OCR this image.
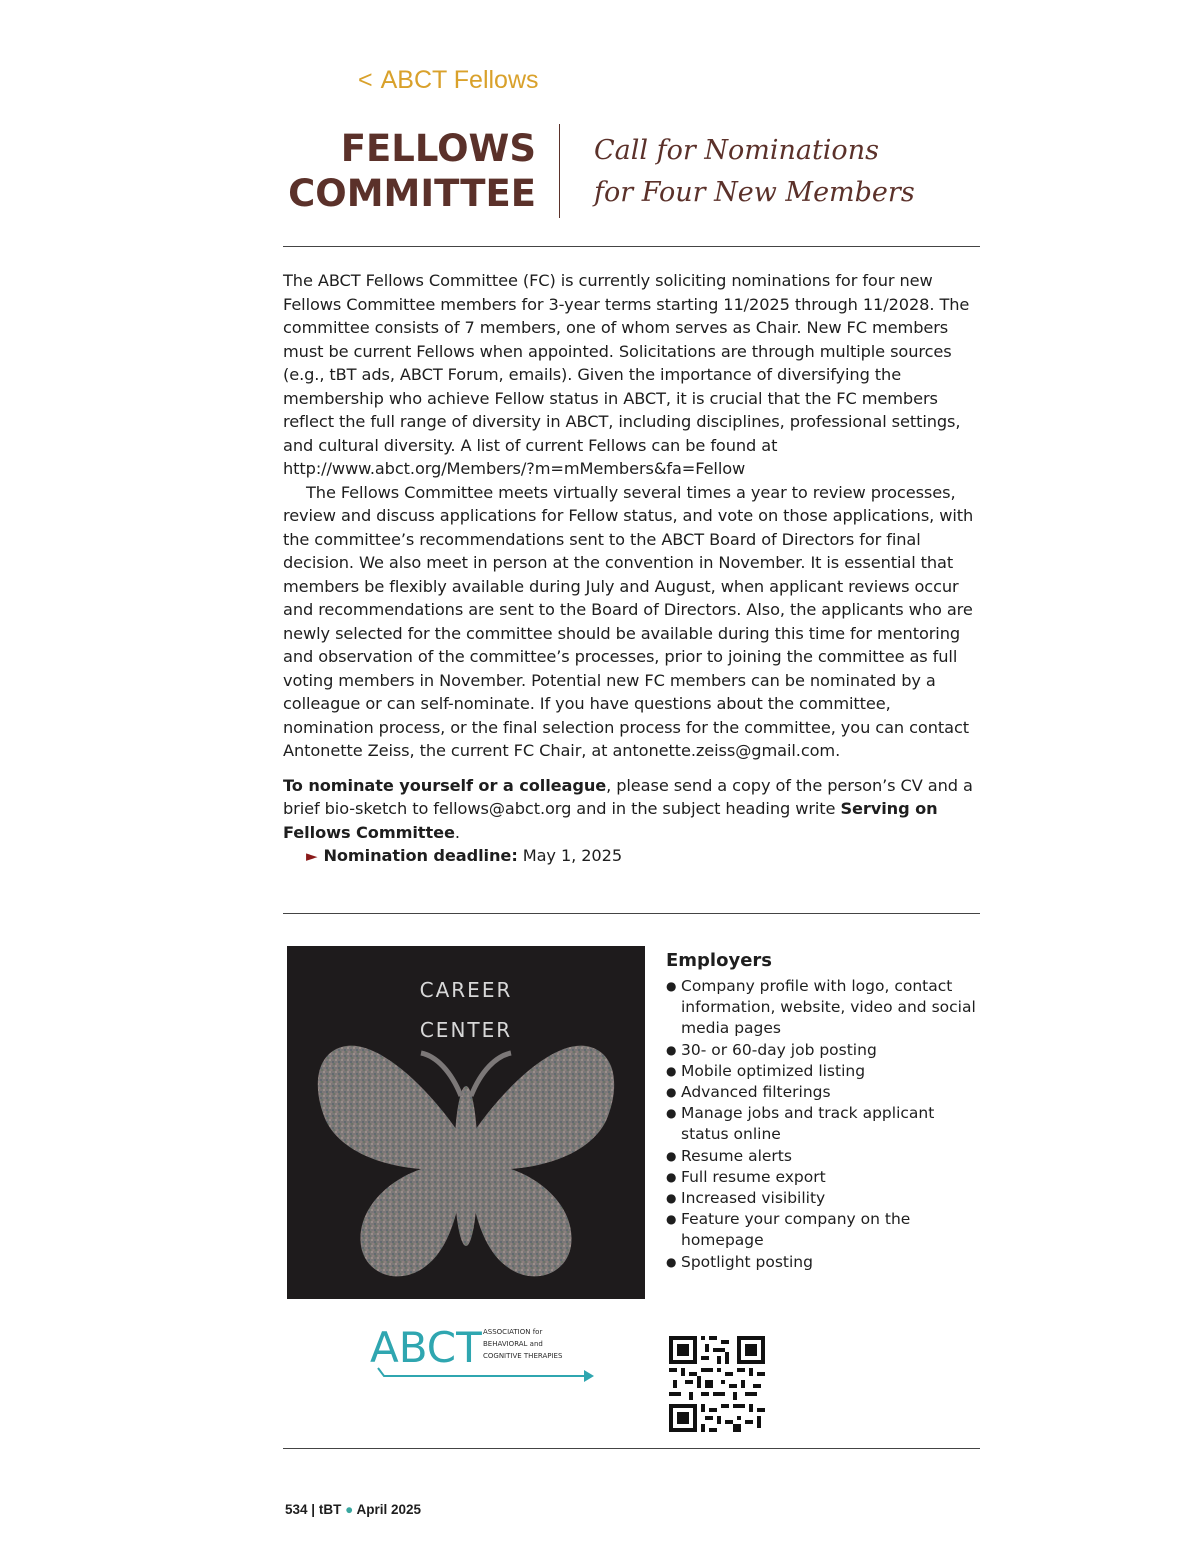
< ABCT Fellows
FELLOWS
COMMITTEE
Call for Nominations
for Four New Members

The ABCT Fellows Committee (FC) is currently soliciting nominations for four new Fellows Committee members for 3-year terms starting 11/2025 through 11/2028. The committee consists of 7 members, one of whom serves as Chair. New FC members must be current Fellows when appointed. Solicitations are through multiple sources (e.g., tBT ads, ABCT Forum, emails). Given the importance of diversifying the membership who achieve Fellow status in ABCT, it is crucial that the FC members reflect the full range of diversity in ABCT, including disciplines, professional settings, and cultural diversity. A list of current Fellows can be found at http://www.abct.org/Members/?m=mMembers&fa=Fellow

The Fellows Committee meets virtually several times a year to review processes, review and discuss applications for Fellow status, and vote on those applications, with the committee’s recommendations sent to the ABCT Board of Directors for final decision. We also meet in person at the convention in November. It is essential that members be flexibly available during July and August, when applicant reviews occur and recommendations are sent to the Board of Directors. Also, the applicants who are newly selected for the committee should be available during this time for mentoring and observation of the committee’s processes, prior to joining the committee as full voting members in November. Potential new FC members can be nominated by a colleague or can self-nominate. If you have questions about the committee, nomination process, or the final selection process for the committee, you can contact Antonette Zeiss, the current FC Chair, at antonette.zeiss@gmail.com.

To nominate yourself or a colleague, please send a copy of the person’s CV and a brief bio-sketch to fellows@abct.org and in the subject heading write Serving on Fellows Committee.

► Nomination deadline: May 1, 2025

CAREER
CENTER
Employers
● Company profile with logo, contact information, website, video and social media pages
● 30- or 60-day job posting
● Mobile optimized listing
● Advanced filterings
● Manage jobs and track applicant status online
● Resume alerts
● Full resume export
● Increased visibility
● Feature your company on the homepage
● Spotlight posting
ABCT ASSOCIATION for
BEHAVIORAL and
COGNITIVE THERAPIES
534 | tBT ● April 2025
